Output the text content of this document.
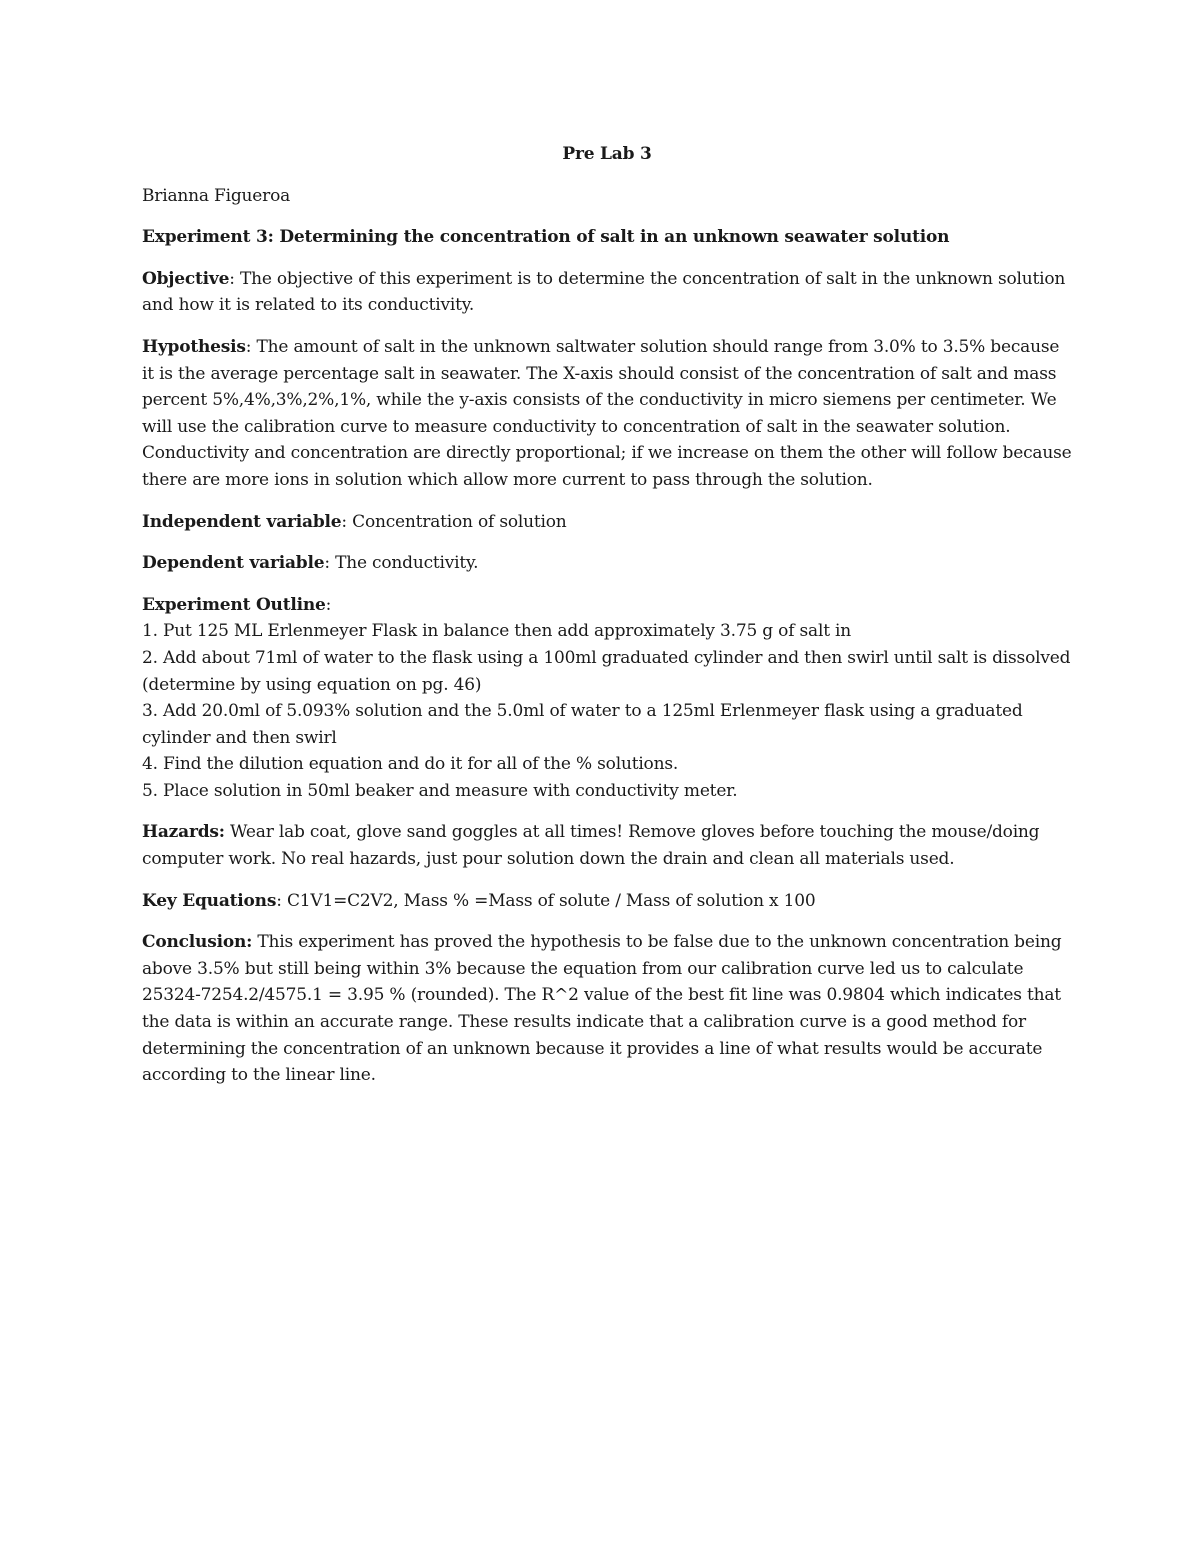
Pre Lab 3

Brianna Figueroa

Experiment 3: Determining the concentration of salt in an unknown seawater solution

Objective: The objective of this experiment is to determine the concentration of salt in the unknown solution and how it is related to its conductivity.

Hypothesis: The amount of salt in the unknown saltwater solution should range from 3.0% to 3.5% because it is the average percentage salt in seawater. The X-axis should consist of the concentration of salt and mass percent 5%,4%,3%,2%,1%, while the y-axis consists of the conductivity in micro siemens per centimeter. We will use the calibration curve to measure conductivity to concentration of salt in the seawater solution. Conductivity and concentration are directly proportional; if we increase on them the other will follow because there are more ions in solution which allow more current to pass through the solution.

Independent variable: Concentration of solution

Dependent variable: The conductivity.

Experiment Outline:
1. Put 125 ML Erlenmeyer Flask in balance then add approximately 3.75 g of salt in
2. Add about 71ml of water to the flask using a 100ml graduated cylinder and then swirl until salt is dissolved (determine by using equation on pg. 46)
3. Add 20.0ml of 5.093% solution and the 5.0ml of water to a 125ml Erlenmeyer flask using a graduated cylinder and then swirl
4. Find the dilution equation and do it for all of the % solutions.
5. Place solution in 50ml beaker and measure with conductivity meter.

Hazards: Wear lab coat, glove sand goggles at all times! Remove gloves before touching the mouse/doing computer work. No real hazards, just pour solution down the drain and clean all materials used.

Key Equations: C1V1=C2V2, Mass % =Mass of solute / Mass of solution x 100

Conclusion: This experiment has proved the hypothesis to be false due to the unknown concentration being above 3.5% but still being within 3% because the equation from our calibration curve led us to calculate 25324-7254.2/4575.1 = 3.95 % (rounded). The R^2 value of the best fit line was 0.9804 which indicates that the data is within an accurate range. These results indicate that a calibration curve is a good method for determining the concentration of an unknown because it provides a line of what results would be accurate according to the linear line.
